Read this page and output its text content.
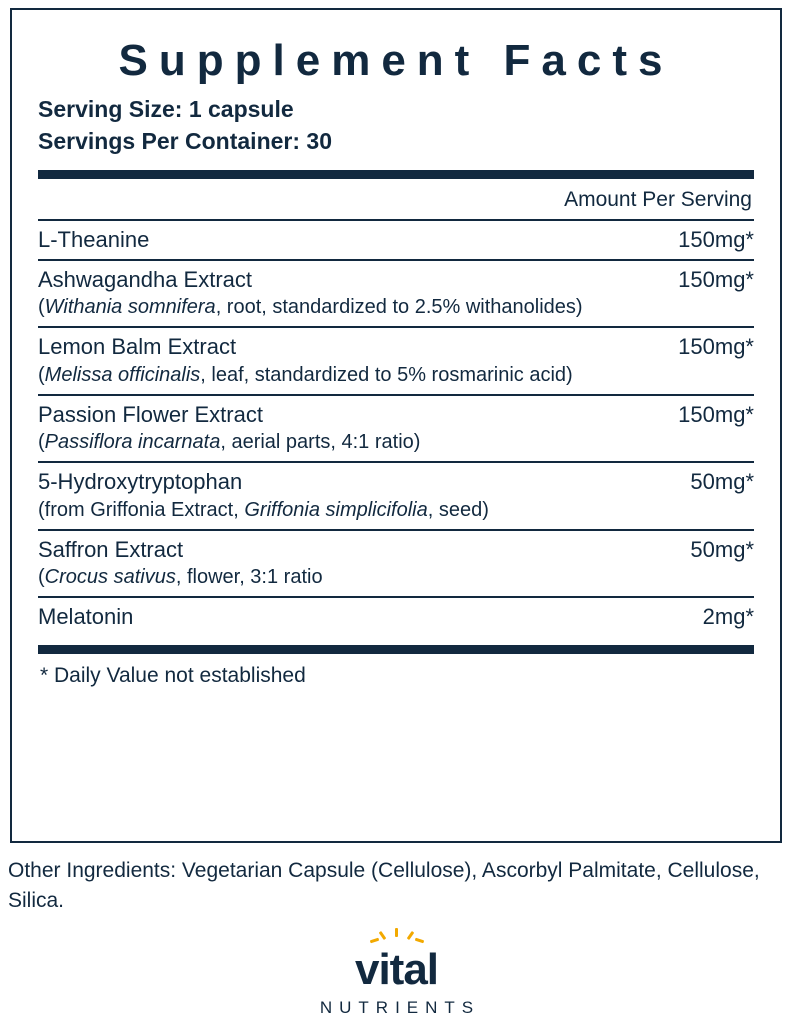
Supplement Facts
Serving Size: 1 capsule
Servings Per Container: 30
Amount Per Serving
L-Theanine	150mg*
Ashwagandha Extract	150mg*
(Withania somnifera, root, standardized to 2.5% withanolides)
Lemon Balm Extract	150mg*
(Melissa officinalis, leaf, standardized to 5% rosmarinic acid)
Passion Flower Extract	150mg*
(Passiflora incarnata, aerial parts, 4:1 ratio)
5-Hydroxytryptophan	50mg*
(from Griffonia Extract, Griffonia simplicifolia, seed)
Saffron Extract	50mg*
(Crocus sativus, flower, 3:1 ratio
Melatonin	2mg*
* Daily Value not established
Other Ingredients: Vegetarian Capsule (Cellulose), Ascorbyl Palmitate, Cellulose, Silica.
vital
NUTRIENTS
